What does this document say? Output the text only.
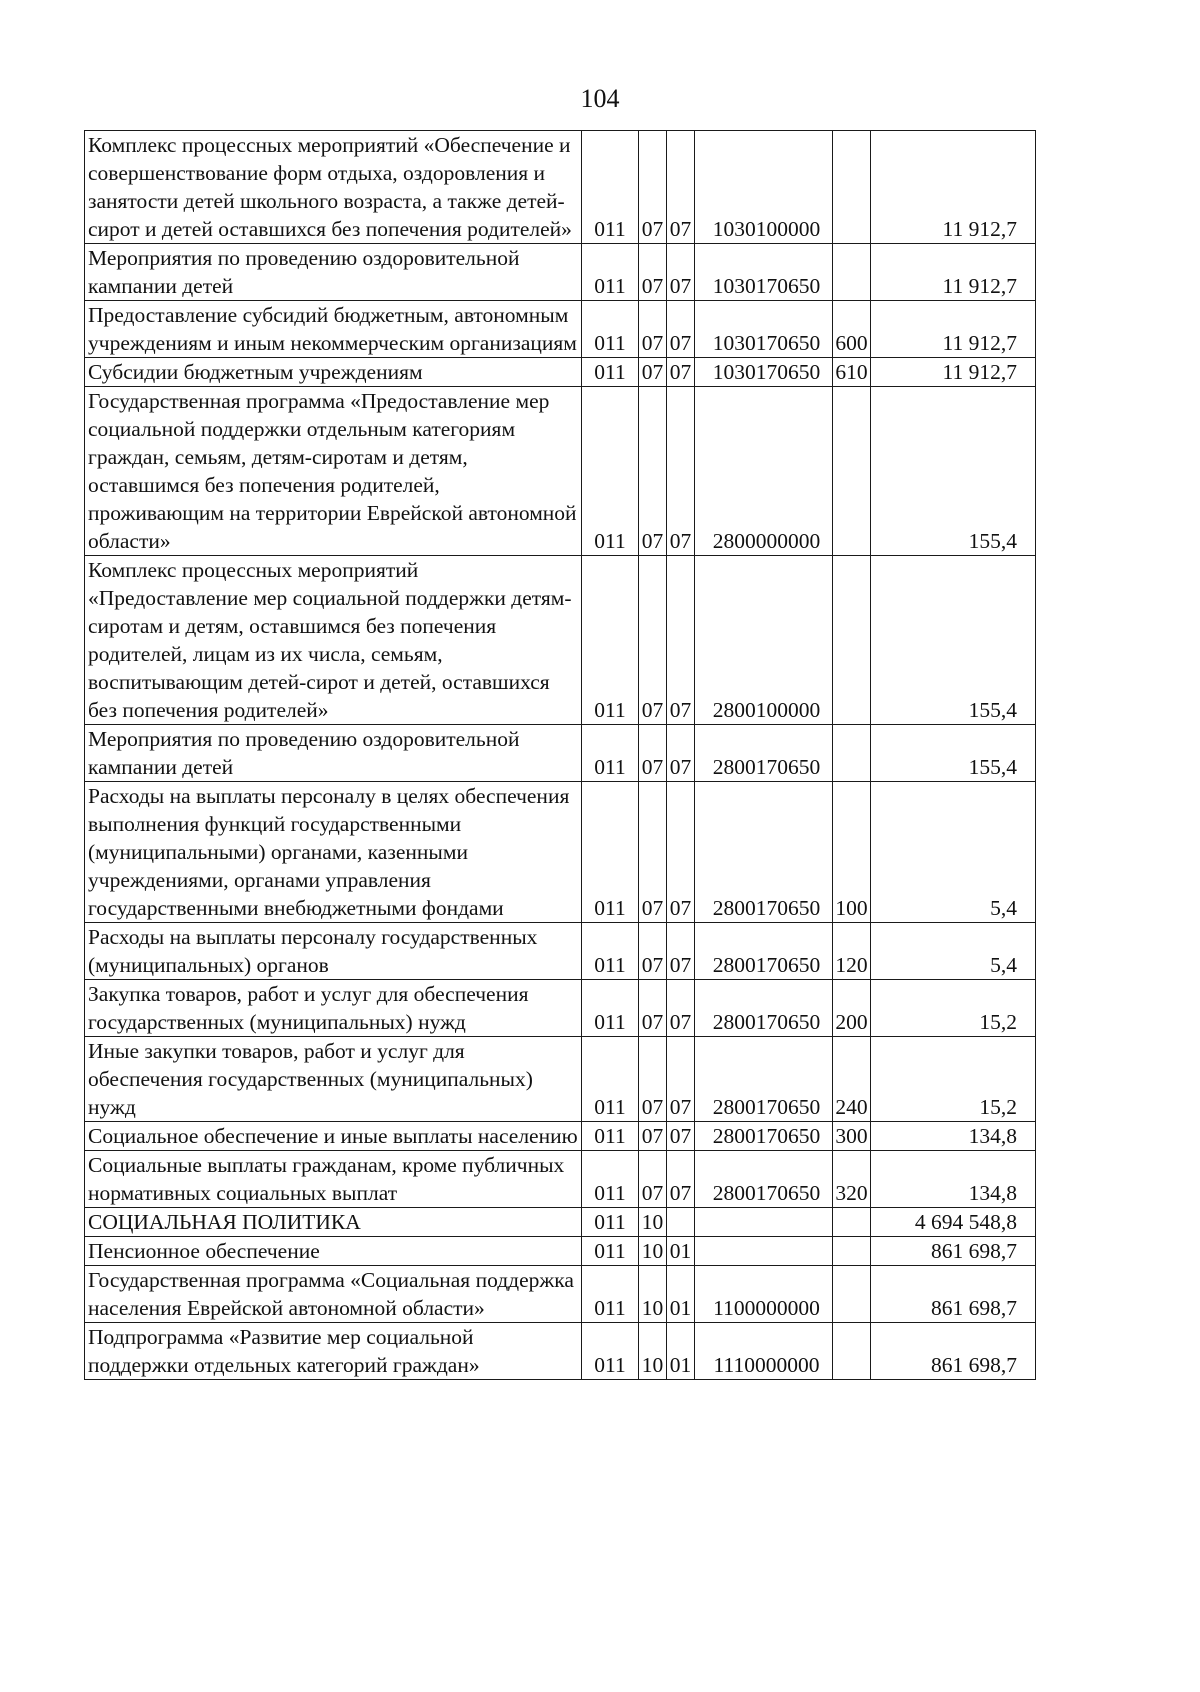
104
Комплекс процессных мероприятий «Обеспечение и совершенствование форм отдыха, оздоровления и занятости детей школьного возраста, а также детей-сирот и детей оставшихся без попечения родителей»	011	07	07	1030100000		11 912,7
Мероприятия по проведению оздоровительной кампании детей	011	07	07	1030170650		11 912,7
Предоставление субсидий бюджетным, автономным учреждениям и иным некоммерческим организациям	011	07	07	1030170650	600	11 912,7
Субсидии бюджетным учреждениям	011	07	07	1030170650	610	11 912,7
Государственная программа «Предоставление мер социальной поддержки отдельным категориям граждан, семьям, детям-сиротам и детям, оставшимся без попечения родителей, проживающим на территории Еврейской автономной области»	011	07	07	2800000000		155,4
Комплекс процессных мероприятий «Предоставление мер социальной поддержки детям-сиротам и детям, оставшимся без попечения родителей, лицам из их числа, семьям, воспитывающим детей-сирот и детей, оставшихся без попечения родителей»	011	07	07	2800100000		155,4
Мероприятия по проведению оздоровительной кампании детей	011	07	07	2800170650		155,4
Расходы на выплаты персоналу в целях обеспечения выполнения функций государственными (муниципальными) органами, казенными учреждениями, органами управления государственными внебюджетными фондами	011	07	07	2800170650	100	5,4
Расходы на выплаты персоналу государственных (муниципальных) органов	011	07	07	2800170650	120	5,4
Закупка товаров, работ и услуг для обеспечения государственных (муниципальных) нужд	011	07	07	2800170650	200	15,2
Иные закупки товаров, работ и услуг для обеспечения государственных (муниципальных) нужд	011	07	07	2800170650	240	15,2
Социальное обеспечение и иные выплаты населению	011	07	07	2800170650	300	134,8
Социальные выплаты гражданам, кроме публичных нормативных социальных выплат	011	07	07	2800170650	320	134,8
СОЦИАЛЬНАЯ ПОЛИТИКА	011	10				4 694 548,8
Пенсионное обеспечение	011	10	01			861 698,7
Государственная программа «Социальная поддержка населения Еврейской автономной области»	011	10	01	1100000000		861 698,7
Подпрограмма «Развитие мер социальной поддержки отдельных категорий граждан»	011	10	01	1110000000		861 698,7
